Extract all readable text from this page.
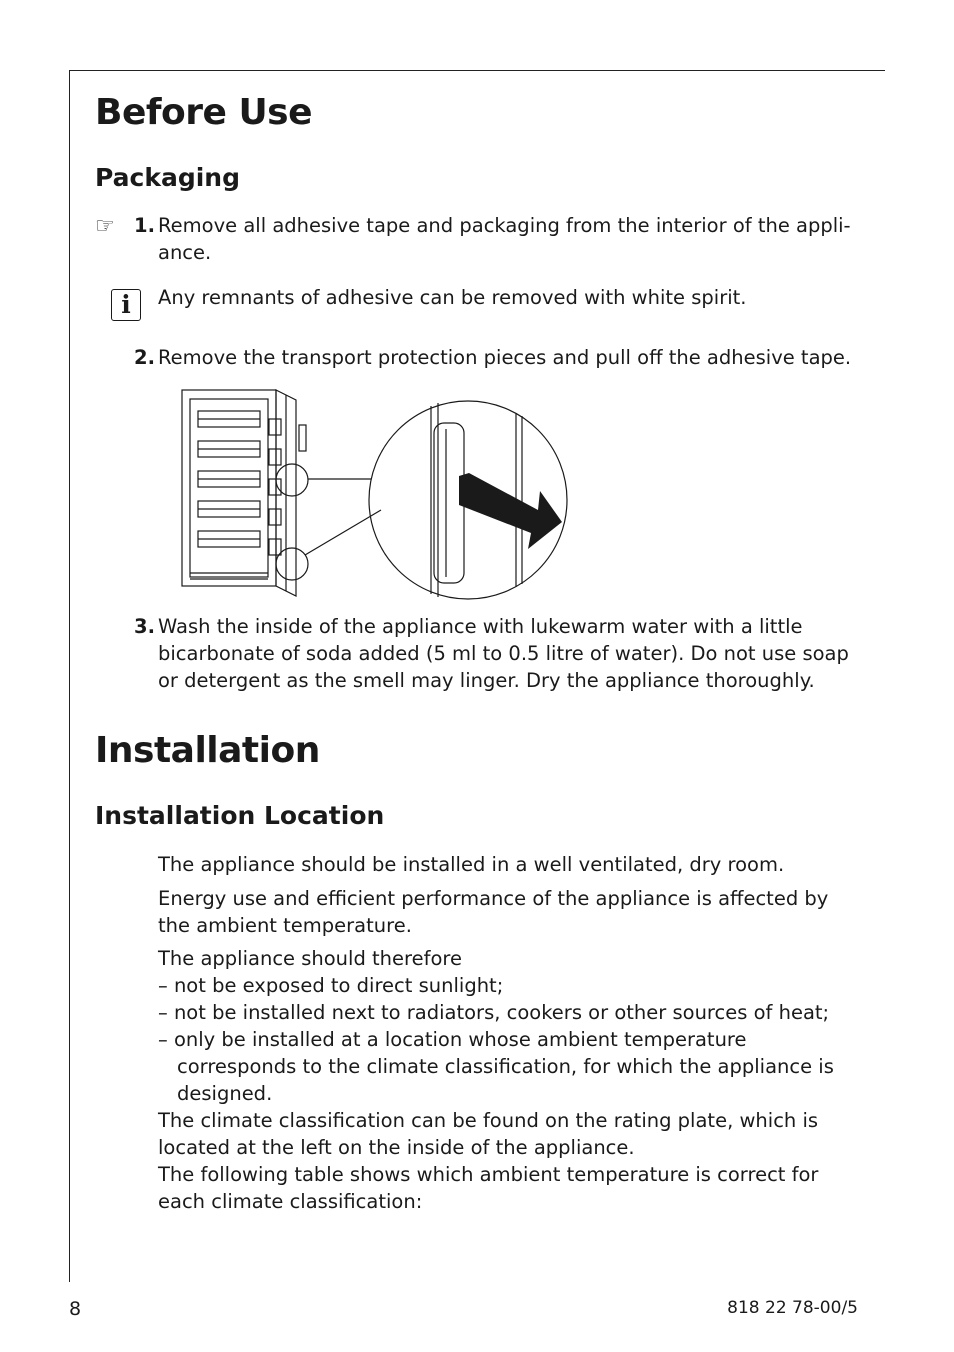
Before Use
Packaging
☞ 1. Remove all adhesive tape and packaging from the interior of the appli-
ance.
i	Any remnants of adhesive can be removed with white spirit.
2. Remove the transport protection pieces and pull off the adhesive tape.
3. Wash the inside of the appliance with lukewarm water with a little
bicarbonate of soda added (5 ml to 0.5 litre of water). Do not use soap
or detergent as the smell may linger. Dry the appliance thoroughly.
Installation
Installation Location
The appliance should be installed in a well ventilated, dry room.
Energy use and efficient performance of the appliance is affected by
the ambient temperature.
The appliance should therefore
– not be exposed to direct sunlight;
– not be installed next to radiators, cookers or other sources of heat;
– only be installed at a location whose ambient temperature
corresponds to the climate classification, for which the appliance is
designed.
The climate classification can be found on the rating plate, which is
located at the left on the inside of the appliance.
The following table shows which ambient temperature is correct for
each climate classification:
8	818 22 78-00/5
